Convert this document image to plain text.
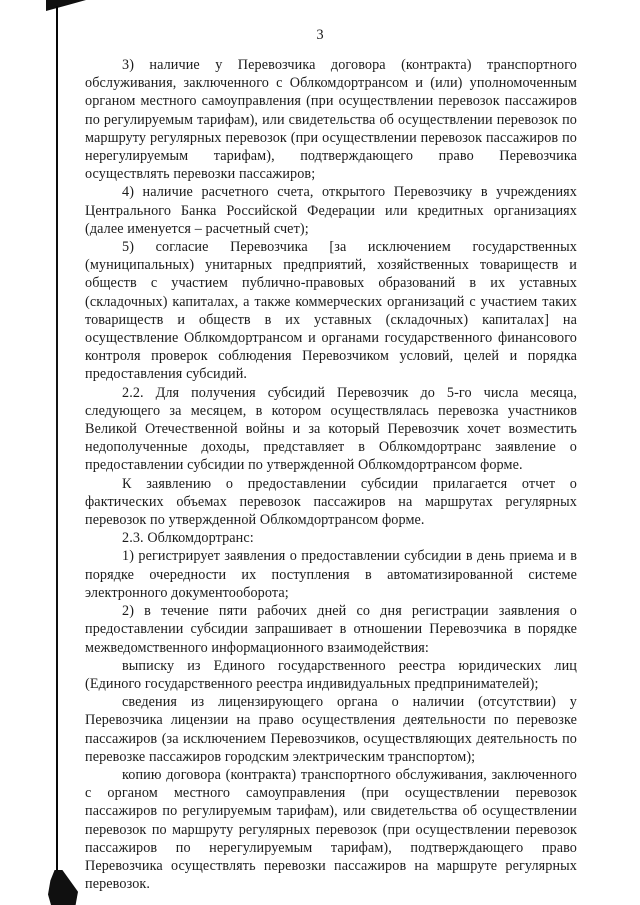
3

3) наличие у Перевозчика договора (контракта) транспортного обслуживания, заключенного с Облкомдортрансом и (или) уполномоченным органом местного самоуправления (при осуществлении перевозок пассажиров по регулируемым тарифам), или свидетельства об осуществлении перевозок по маршруту регулярных перевозок (при осуществлении перевозок пассажиров по нерегулируемым тарифам), подтверждающего право Перевозчика осуществлять перевозки пассажиров;

4) наличие расчетного счета, открытого Перевозчику в учреждениях Центрального Банка Российской Федерации или кредитных организациях (далее именуется – расчетный счет);

5) согласие Перевозчика [за исключением государственных (муниципальных) унитарных предприятий, хозяйственных товариществ и обществ с участием публично-правовых образований в их уставных (складочных) капиталах, а также коммерческих организаций с участием таких товариществ и обществ в их уставных (складочных) капиталах] на осуществление Облкомдортрансом и органами государственного финансового контроля проверок соблюдения Перевозчиком условий, целей и порядка предоставления субсидий.

2.2. Для получения субсидий Перевозчик до 5-го числа месяца, следующего за месяцем, в котором осуществлялась перевозка участников Великой Отечественной войны и за который Перевозчик хочет возместить недополученные доходы, представляет в Облкомдортранс заявление о предоставлении субсидии по утвержденной Облкомдортрансом форме.

К заявлению о предоставлении субсидии прилагается отчет о фактических объемах перевозок пассажиров на маршрутах регулярных перевозок по утвержденной Облкомдортрансом форме.

2.3. Облкомдортранс:

1) регистрирует заявления о предоставлении субсидии в день приема и в порядке очередности их поступления в автоматизированной системе электронного документооборота;

2) в течение пяти рабочих дней со дня регистрации заявления о предоставлении субсидии запрашивает в отношении Перевозчика в порядке межведомственного информационного взаимодействия:

выписку из Единого государственного реестра юридических лиц (Единого государственного реестра индивидуальных предпринимателей);

сведения из лицензирующего органа о наличии (отсутствии) у Перевозчика лицензии на право осуществления деятельности по перевозке пассажиров (за исключением Перевозчиков, осуществляющих деятельность по перевозке пассажиров городским электрическим транспортом);

копию договора (контракта) транспортного обслуживания, заключенного с органом местного самоуправления (при осуществлении перевозок пассажиров по регулируемым тарифам), или свидетельства об осуществлении перевозок по маршруту регулярных перевозок (при осуществлении перевозок пассажиров по нерегулируемым тарифам), подтверждающего право Перевозчика осуществлять перевозки пассажиров на маршруте регулярных перевозок.
